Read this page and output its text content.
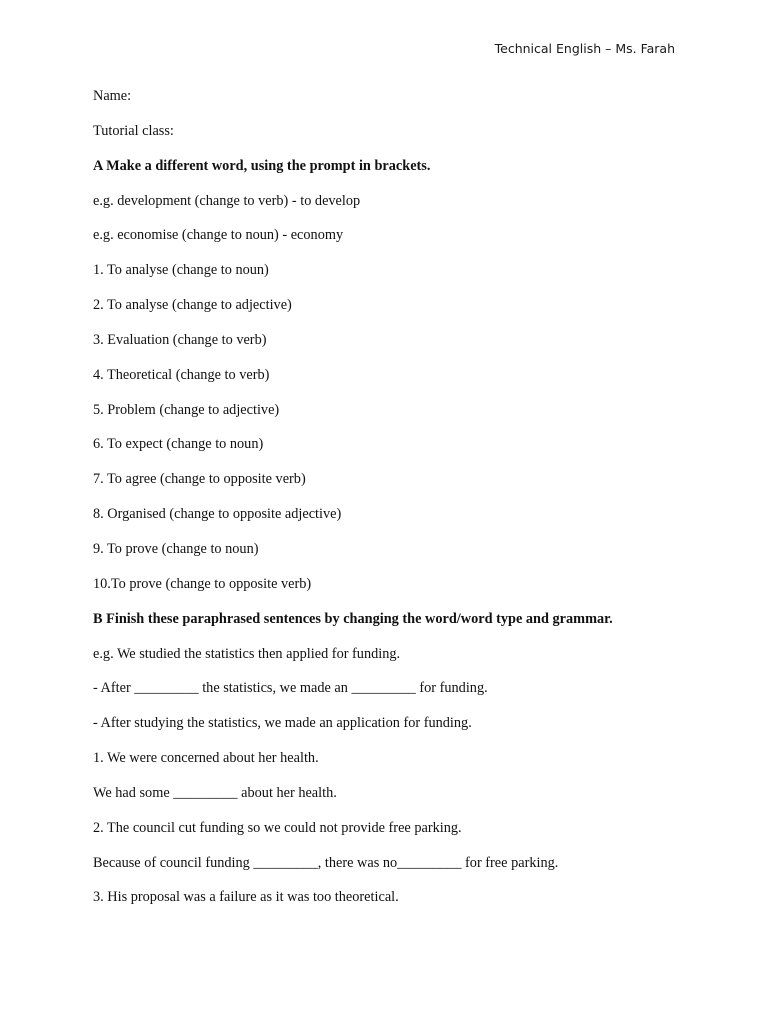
Technical English – Ms. Farah
Name:
Tutorial class:
A Make a different word, using the prompt in brackets.
e.g. development (change to verb) - to develop
e.g. economise (change to noun) - economy
1. To analyse (change to noun)
2. To analyse (change to adjective)
3. Evaluation (change to verb)
4. Theoretical (change to verb)
5. Problem (change to adjective)
6. To expect (change to noun)
7. To agree (change to opposite verb)
8. Organised (change to opposite adjective)
9. To prove (change to noun)
10.To prove (change to opposite verb)
B Finish these paraphrased sentences by changing the word/word type and grammar.
e.g. We studied the statistics then applied for funding.
- After _________ the statistics, we made an _________ for funding.
- After studying the statistics, we made an application for funding.
1. We were concerned about her health.
We had some _________ about her health.
2. The council cut funding so we could not provide free parking.
Because of council funding _________, there was no_________ for free parking.
3. His proposal was a failure as it was too theoretical.
